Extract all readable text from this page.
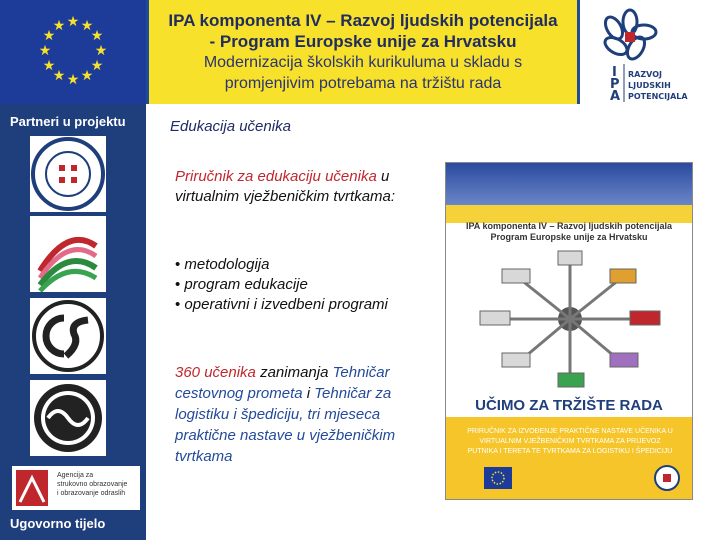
★ ★
★
★
★
★
★
★
★
★
★
★	IPA komponenta IV – Razvoj ljudskih potencijala
- Program Europske unije za Hrvatsku
Modernizacija školskih kurikuluma u skladu s
promjenjivim potrebama na tržištu rada
I
P
A
RAZVOJ
LJUDSKIH
POTENCIJALA
Partneri u projektu
Agencija za
strukovno obrazovanje
i obrazovanje odraslih
Ugovorno tijelo
Edukacija učenika
Priručnik za edukaciju učenika u virtualnim vježbeničkim tvrtkama:
• metodologija
• program edukacije
• operativni i izvedbeni programi
360 učenika zanimanja Tehničar cestovnog prometa i Tehničar za logistiku i špediciju, tri mjeseca praktične nastave u vježbeničkim tvrtkama
IPA komponenta IV – Razvoj ljudskih potencijala
Program Europske unije za Hrvatsku
UČIMO ZA TRŽIŠTE RADA
PRIRUČNIK ZA IZVOĐENJE PRAKTIČNE NASTAVE UČENIKA U VIRTUALNIM VJEŽBENIČKIM TVRTKAMA ZA PRIJEVOZ PUTNIKA I TERETA TE TVRTKAMA ZA LOGISTIKU I ŠPEDICIJU
